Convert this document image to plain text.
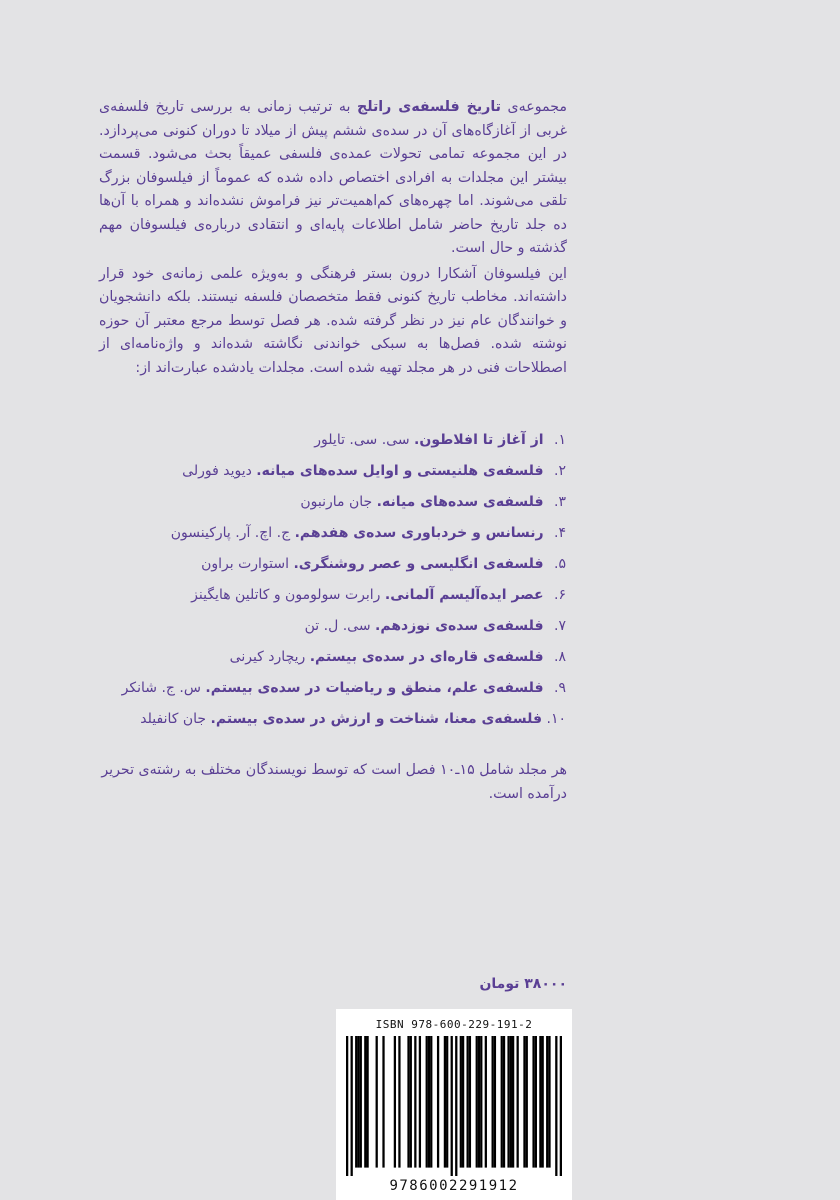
مجموعه‌ی تاریخ فلسفه‌ی راتلج به ترتیب زمانی به بررسی تاریخ فلسفه‌ی غربی از آغازگاه‌های آن در سده‌ی ششم پیش از میلاد تا دوران کنونی می‌پردازد. در این مجموعه تمامی تحولات عمده‌ی فلسفی عمیقاً بحث می‌شود. قسمت بیشتر این مجلدات به افرادی اختصاص داده شده که عموماً از فیلسوفان بزرگ تلقی می‌شوند. اما چهره‌های کم‌اهمیت‌تر نیز فراموش نشده‌اند و همراه با آن‌ها ده جلد تاریخ حاضر شامل اطلاعات پایه‌ای و انتقادی درباره‌ی فیلسوفان مهم گذشته و حال است.

این فیلسوفان آشکارا درون بستر فرهنگی و به‌ویژه علمی زمانه‌ی خود قرار داشته‌اند. مخاطب تاریخ کنونی فقط متخصصان فلسفه نیستند. بلکه دانشجویان و خوانندگان عام نیز در نظر گرفته شده. هر فصل توسط مرجع معتبر آن حوزه نوشته شده. فصل‌ها به سبکی خواندنی نگاشته شده‌اند و واژه‌نامه‌ای از اصطلاحات فنی در هر مجلد تهیه شده است. مجلدات یادشده عبارت‌اند از:

۱. از آغاز تا افلاطون. سی. سی. تایلور
۲. فلسفه‌ی هلنیستی و اوایل سده‌های میانه. دیوید فورلی
۳. فلسفه‌ی سده‌های میانه. جان مارنبون
۴. رنسانس و خردباوری سده‌ی هفدهم. ج. اچ. آر. پارکینسون
۵. فلسفه‌ی انگلیسی و عصر روشنگری. استوارت براون
۶. عصر ایده‌آلیسم آلمانی. رابرت سولومون و کاتلین هایگینز
۷. فلسفه‌ی سده‌ی نوزدهم. سی. ل. تن
۸. فلسفه‌ی قاره‌ای در سده‌ی بیستم. ریچارد کیرنی
۹. فلسفه‌ی علم، منطق و ریاضیات در سده‌ی بیستم. س. ج. شانکر
۱۰. فلسفه‌ی معنا، شناخت و ارزش در سده‌ی بیستم. جان کانفیلد

هر مجلد شامل ۱۵ـ۱۰ فصل است که توسط نویسندگان مختلف به رشته‌ی تحریر درآمده است.

۳۸۰۰۰ تومان
ISBN 978-600-229-191-2
9786002291912
